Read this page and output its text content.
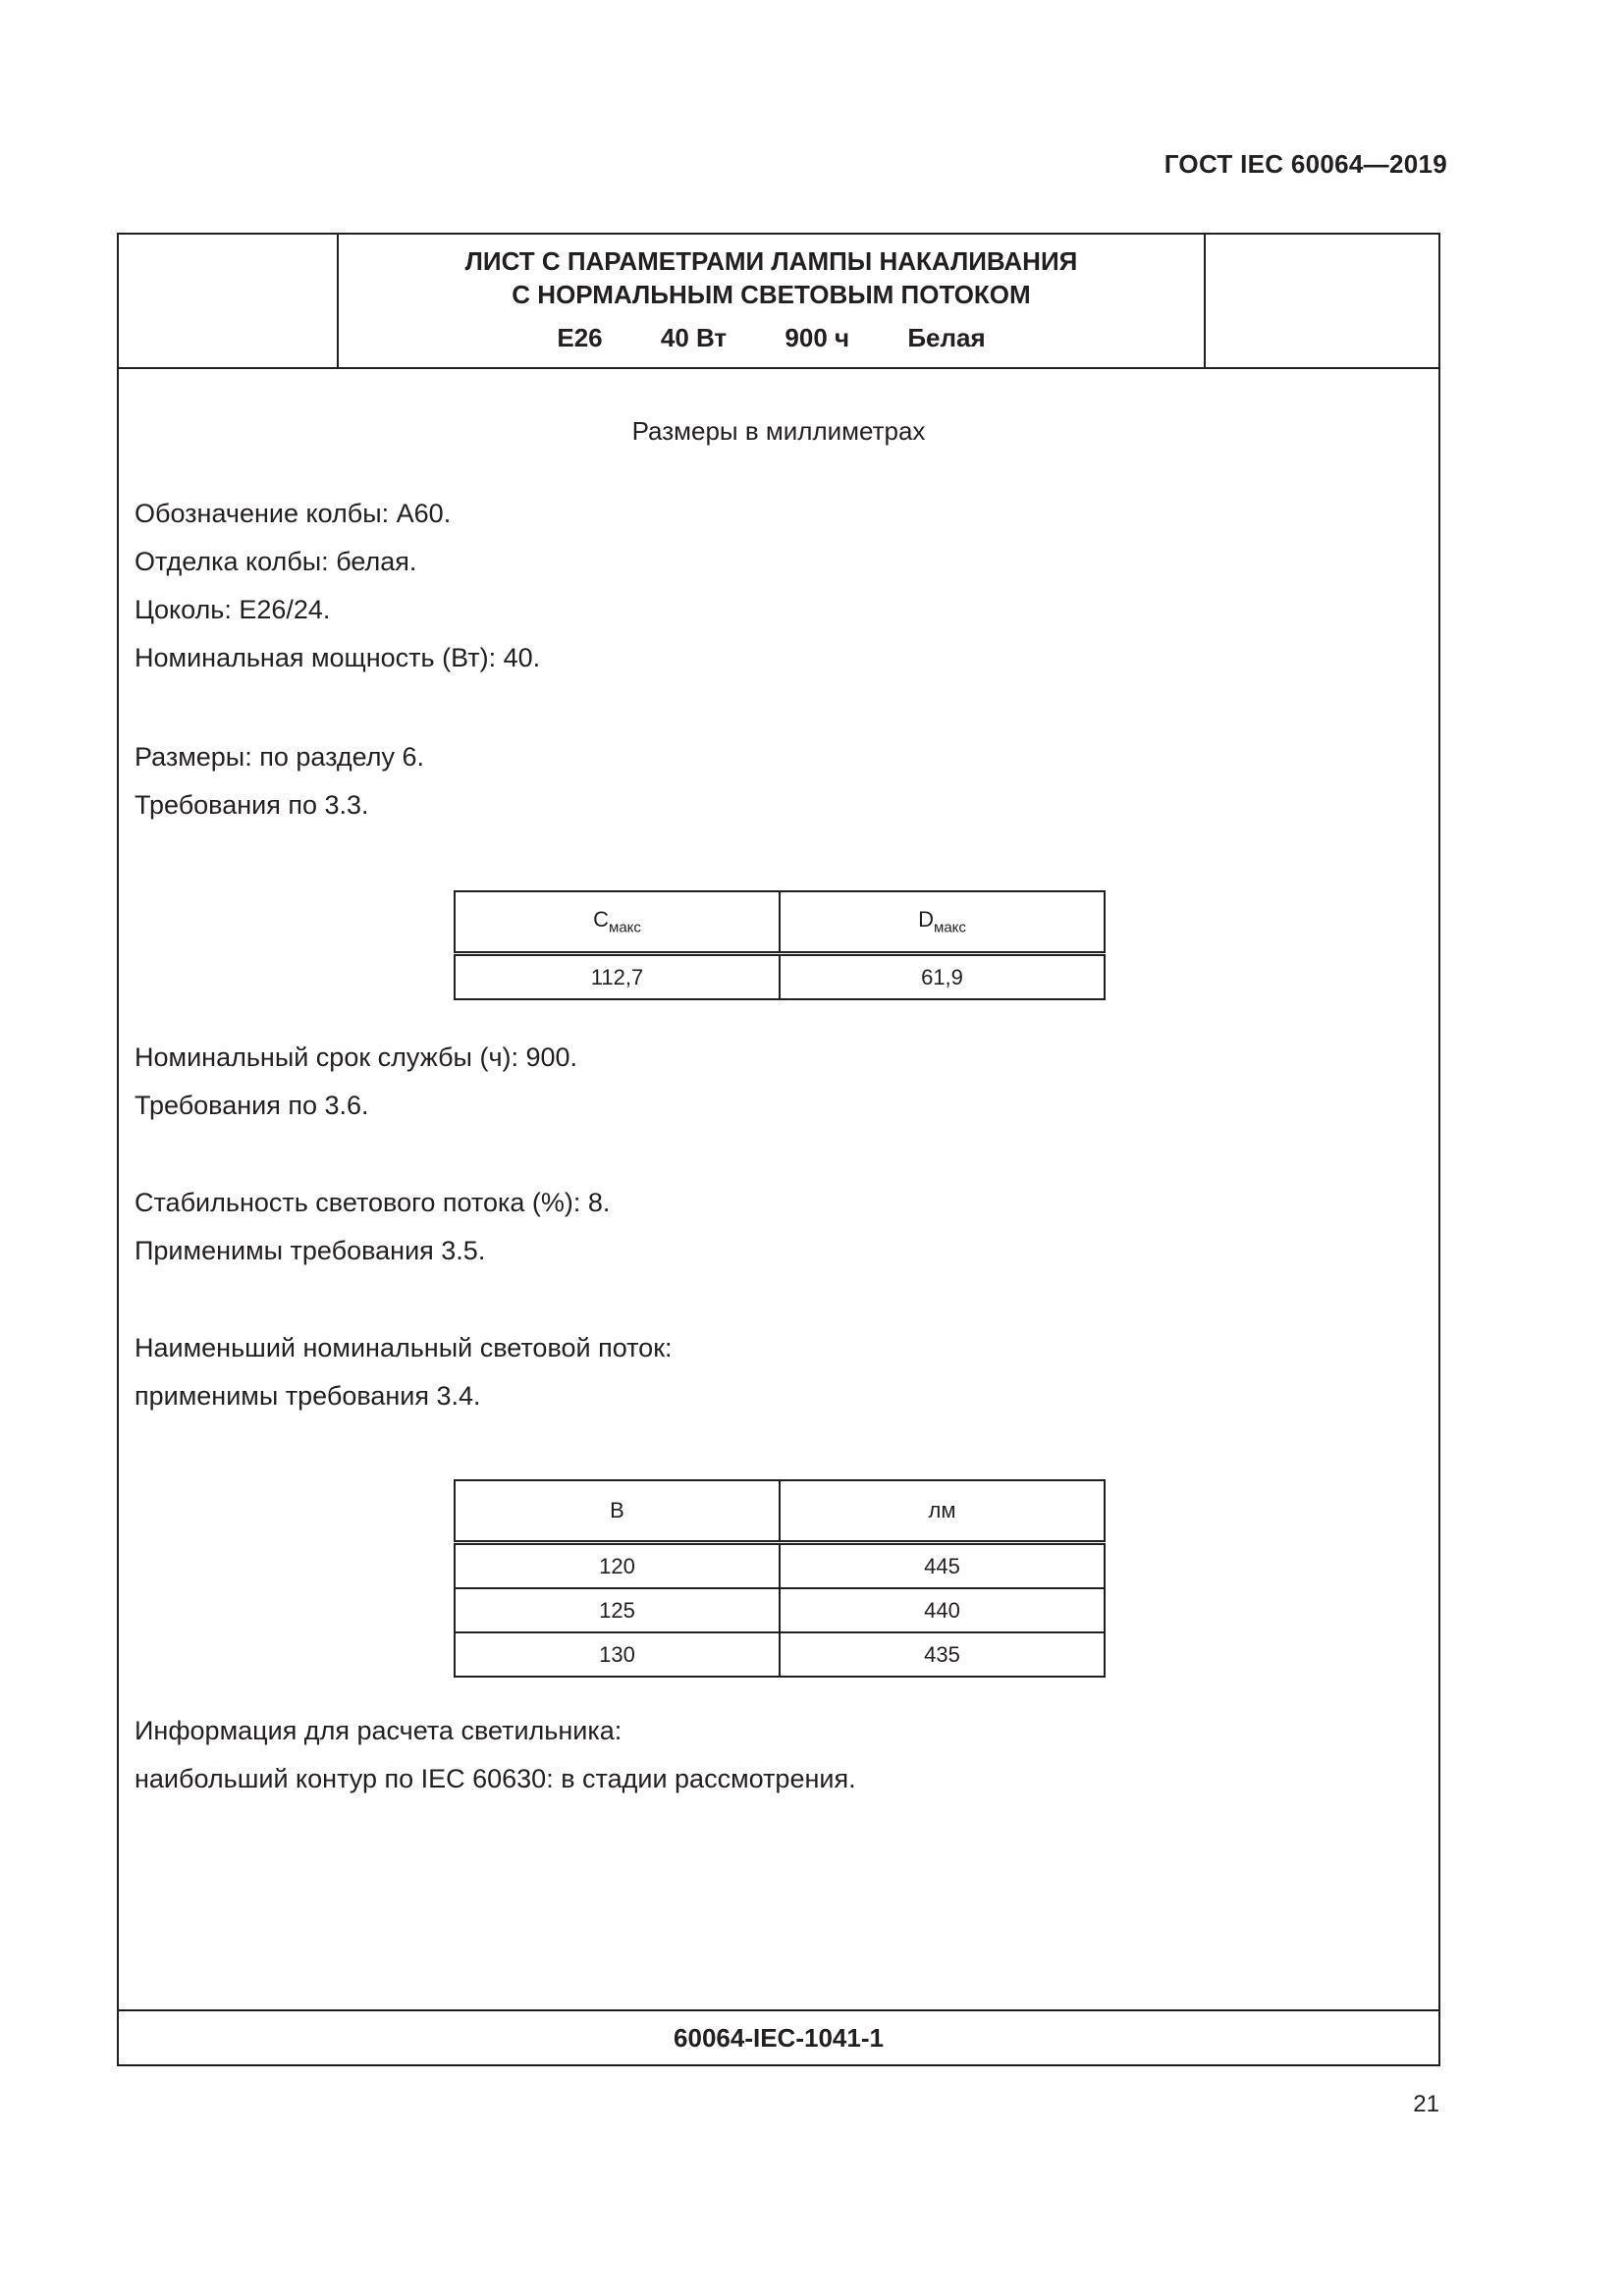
ГОСТ IEC 60064—2019
ЛИСТ С ПАРАМЕТРАМИ ЛАМПЫ НАКАЛИВАНИЯ
С НОРМАЛЬНЫМ СВЕТОВЫМ ПОТОКОМ
E26 40 Вт 900 ч Белая
Размеры в миллиметрах
Обозначение колбы: А60.
Отделка колбы: белая.
Цоколь: Е26/24.
Номинальная мощность (Вт): 40.
Размеры: по разделу 6.
Требования по 3.3.
$C_{макс}$	$D_{макс}$
112,7	61,9
Номинальный срок службы (ч): 900.
Требования по 3.6.
Стабильность светового потока (%): 8.
Применимы требования 3.5.
Наименьший номинальный световой поток:
применимы требования 3.4.
В	лм
120	445
125	440
130	435
Информация для расчета светильника:
наибольший контур по IEC 60630: в стадии рассмотрения.
60064-IEC-1041-1
21
